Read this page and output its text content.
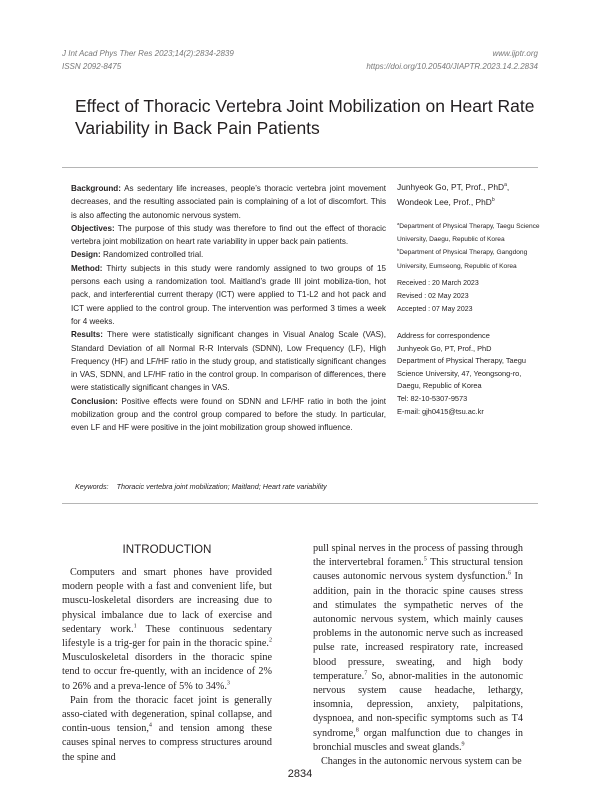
J Int Acad Phys Ther Res 2023;14(2):2834-2839
ISSN 2092-8475
www.ijptr.org
https://doi.org/10.20540/JIAPTR.2023.14.2.2834
Effect of Thoracic Vertebra Joint Mobilization on Heart Rate Variability in Back Pain Patients

Background: As sedentary life increases, people’s thoracic vertebra joint movement decreases, and the resulting associated pain is complaining of a lot of discomfort. This is also affecting the autonomic nervous system.

Objectives: The purpose of this study was therefore to find out the effect of thoracic vertebra joint mobilization on heart rate variability in upper back pain patients.

Design: Randomized controlled trial.

Method: Thirty subjects in this study were randomly assigned to two groups of 15 persons each using a randomization tool. Maitland’s grade III joint mobiliza-tion, hot pack, and interferential current therapy (ICT) were applied to T1-L2 and hot pack and ICT were applied to the control group. The intervention was performed 3 times a week for 4 weeks.

Results: There were statistically significant changes in Visual Analog Scale (VAS), Standard Deviation of all Normal R-R Intervals (SDNN), Low Frequency (LF), High Frequency (HF) and LF/HF ratio in the study group, and statistically significant changes in VAS, SDNN, and LF/HF ratio in the control group. In comparison of differences, there were statistically significant changes in VAS.

Conclusion: Positive effects were found on SDNN and LF/HF ratio in both the joint mobilization group and the control group compared to before the study. In particular, even LF and HF were positive in the joint mobilization group showed influence.

Junhyeok Go, PT, Prof., PhD$^a$,

Wondeok Lee, Prof., PhD$^b$

$^a$Department of Physical Therapy, Taegu Science University, Daegu, Republic of Korea

$^b$Department of Physical Therapy, Gangdong University, Eumseong, Republic of Korea

Received : 20 March 2023

Revised : 02 May 2023

Accepted : 07 May 2023

Address for correspondence

Junhyeok Go, PT, Prof., PhD

Department of Physical Therapy, Taegu Science University, 47, Yeongsong-ro, Daegu, Republic of Korea

Tel: 82-10-5307-9573

E-mail: gjh0415@tsu.ac.kr

Keywords: Thoracic vertebra joint mobilization; Maitland; Heart rate variability
INTRODUCTION

Computers and smart phones have provided modern people with a fast and convenient life, but muscu-loskeletal disorders are increasing due to physical imbalance due to lack of exercise and sedentary work.$^1$ These continuous sedentary lifestyle is a trig-ger for pain in the thoracic spine.$^2$ Musculoskeletal disorders in the thoracic spine tend to occur fre-quently, with an incidence of 2% to 26% and a preva-lence of 5% to 34%.$^3$

Pain from the thoracic facet joint is generally asso-ciated with degeneration, spinal collapse, and contin-uous tension,$^4$ and tension among these causes spinal nerves to compress structures around the spine and

pull spinal nerves in the process of passing through the intervertebral foramen.$^5$ This structural tension causes autonomic nervous system dysfunction.$^6$ In addition, pain in the thoracic spine causes stress and stimulates the sympathetic nerves of the autonomic nervous system, which mainly causes problems in the autonomic nerve such as increased pulse rate, increased respiratory rate, increased blood pressure, sweating, and high body temperature.$^7$ So, abnor-malities in the autonomic nervous system cause headache, lethargy, insomnia, depression, anxiety, palpitations, dyspnoea, and non-specific symptoms such as T4 syndrome,$^8$ organ malfunction due to changes in bronchial muscles and sweat glands.$^9$

Changes in the autonomic nervous system can be

2834
